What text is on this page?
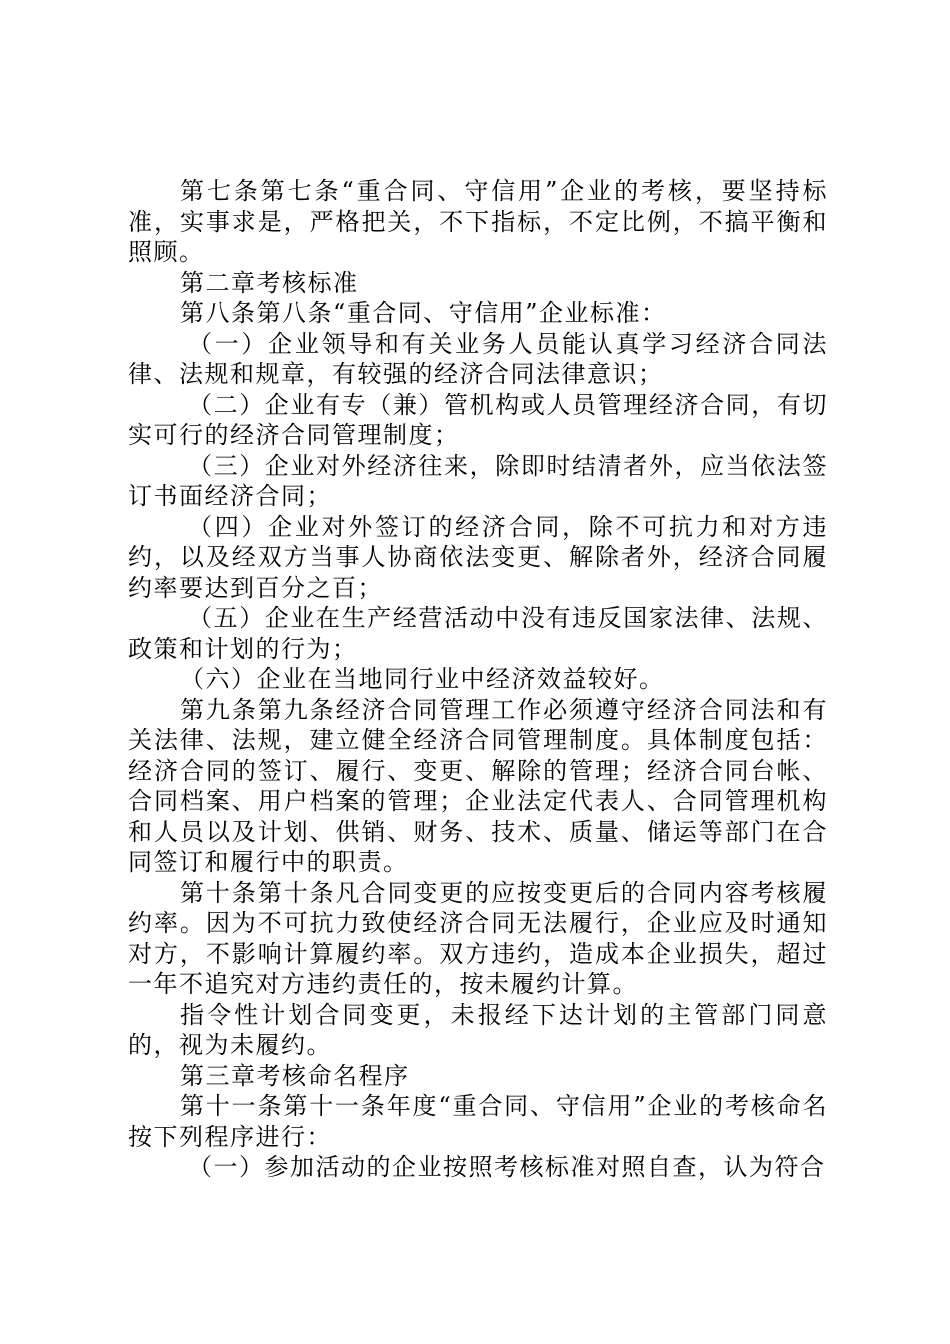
第七条第七条“重合同、守信用”企业的考核，要坚持标准，实事求是，严格把关，不下指标，不定比例，不搞平衡和照顾。

第二章考核标准

第八条第八条“重合同、守信用”企业标准：

（一）企业领导和有关业务人员能认真学习经济合同法律、法规和规章，有较强的经济合同法律意识；

（二）企业有专（兼）管机构或人员管理经济合同，有切实可行的经济合同管理制度；

（三）企业对外经济往来，除即时结清者外，应当依法签订书面经济合同；

（四）企业对外签订的经济合同，除不可抗力和对方违约，以及经双方当事人协商依法变更、解除者外，经济合同履约率要达到百分之百；

（五）企业在生产经营活动中没有违反国家法律、法规、政策和计划的行为；

（六）企业在当地同行业中经济效益较好。

第九条第九条经济合同管理工作必须遵守经济合同法和有关法律、法规，建立健全经济合同管理制度。具体制度包括：经济合同的签订、履行、变更、解除的管理；经济合同台帐、合同档案、用户档案的管理；企业法定代表人、合同管理机构和人员以及计划、供销、财务、技术、质量、储运等部门在合同签订和履行中的职责。

第十条第十条凡合同变更的应按变更后的合同内容考核履约率。因为不可抗力致使经济合同无法履行，企业应及时通知对方，不影响计算履约率。双方违约，造成本企业损失，超过一年不追究对方违约责任的，按未履约计算。

指令性计划合同变更，未报经下达计划的主管部门同意的，视为未履约。

第三章考核命名程序

第十一条第十一条年度“重合同、守信用”企业的考核命名按下列程序进行：

（一）参加活动的企业按照考核标准对照自查，认为符合
